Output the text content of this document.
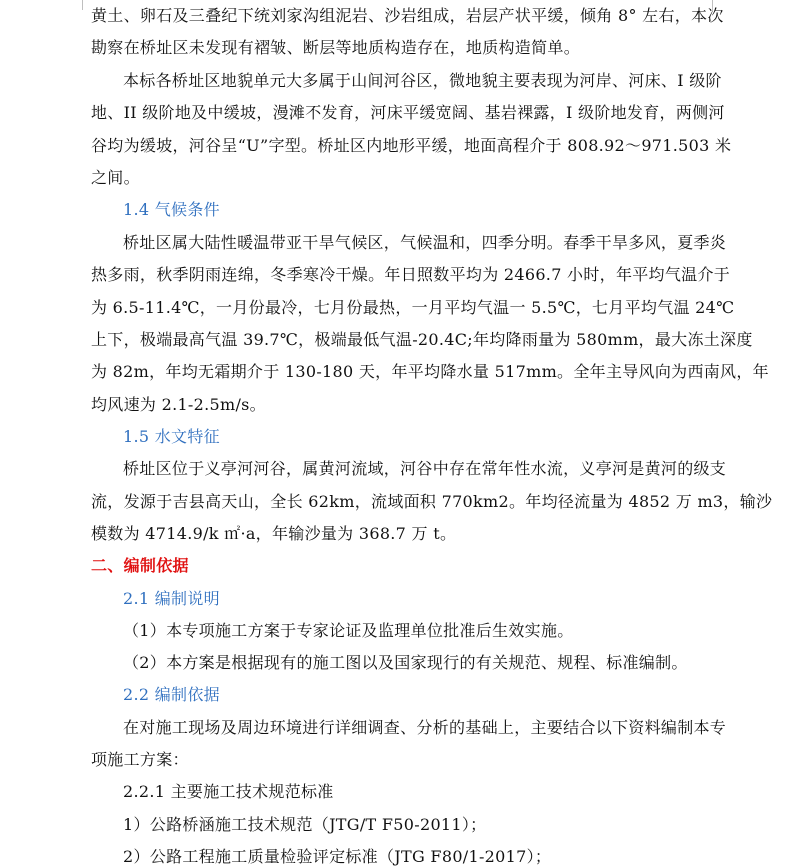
黄土、卵石及三叠纪下统刘家沟组泥岩、沙岩组成，岩层产状平缓，倾角 8° 左右，本次
勘察在桥址区未发现有褶皱、断层等地质构造存在，地质构造简单。
本标各桥址区地貌单元大多属于山间河谷区，微地貌主要表现为河岸、河床、I 级阶
地、II 级阶地及中缓坡，漫滩不发育，河床平缓宽阔、基岩裸露，I 级阶地发育，两侧河
谷均为缓坡，河谷呈“U”字型。桥址区内地形平缓，地面高程介于 808.92～971.503 米
之间。
1.4 气候条件
桥址区属大陆性暖温带亚干旱气候区，气候温和，四季分明。春季干旱多风，夏季炎
热多雨，秋季阴雨连绵，冬季寒冷干燥。年日照数平均为 2466.7 小时，年平均气温介于
为 6.5-11.4℃，一月份最冷，七月份最热，一月平均气温一 5.5℃，七月平均气温 24℃
上下，极端最高气温 39.7℃，极端最低气温-20.4C;年均降雨量为 580mm，最大冻土深度
为 82m，年均无霜期介于 130-180 天，年平均降水量 517mm。全年主导风向为西南风，年
均风速为 2.1-2.5m/s。
1.5 水文特征
桥址区位于义亭河河谷，属黄河流域，河谷中存在常年性水流，义亭河是黄河的级支
流，发源于吉县高天山，全长 62km，流域面积 770km2。年均径流量为 4852 万 m3，输沙
模数为 4714.9/k ㎡·a，年输沙量为 368.7 万 t。
二、编制依据
2.1 编制说明
（1）本专项施工方案于专家论证及监理单位批准后生效实施。
（2）本方案是根据现有的施工图以及国家现行的有关规范、规程、标准编制。
2.2 编制依据
在对施工现场及周边环境进行详细调查、分析的基础上，主要结合以下资料编制本专
项施工方案：
2.2.1 主要施工技术规范标准
1）公路桥涵施工技术规范（JTG/T F50-2011）；
2）公路工程施工质量检验评定标准（JTG F80/1-2017）；
